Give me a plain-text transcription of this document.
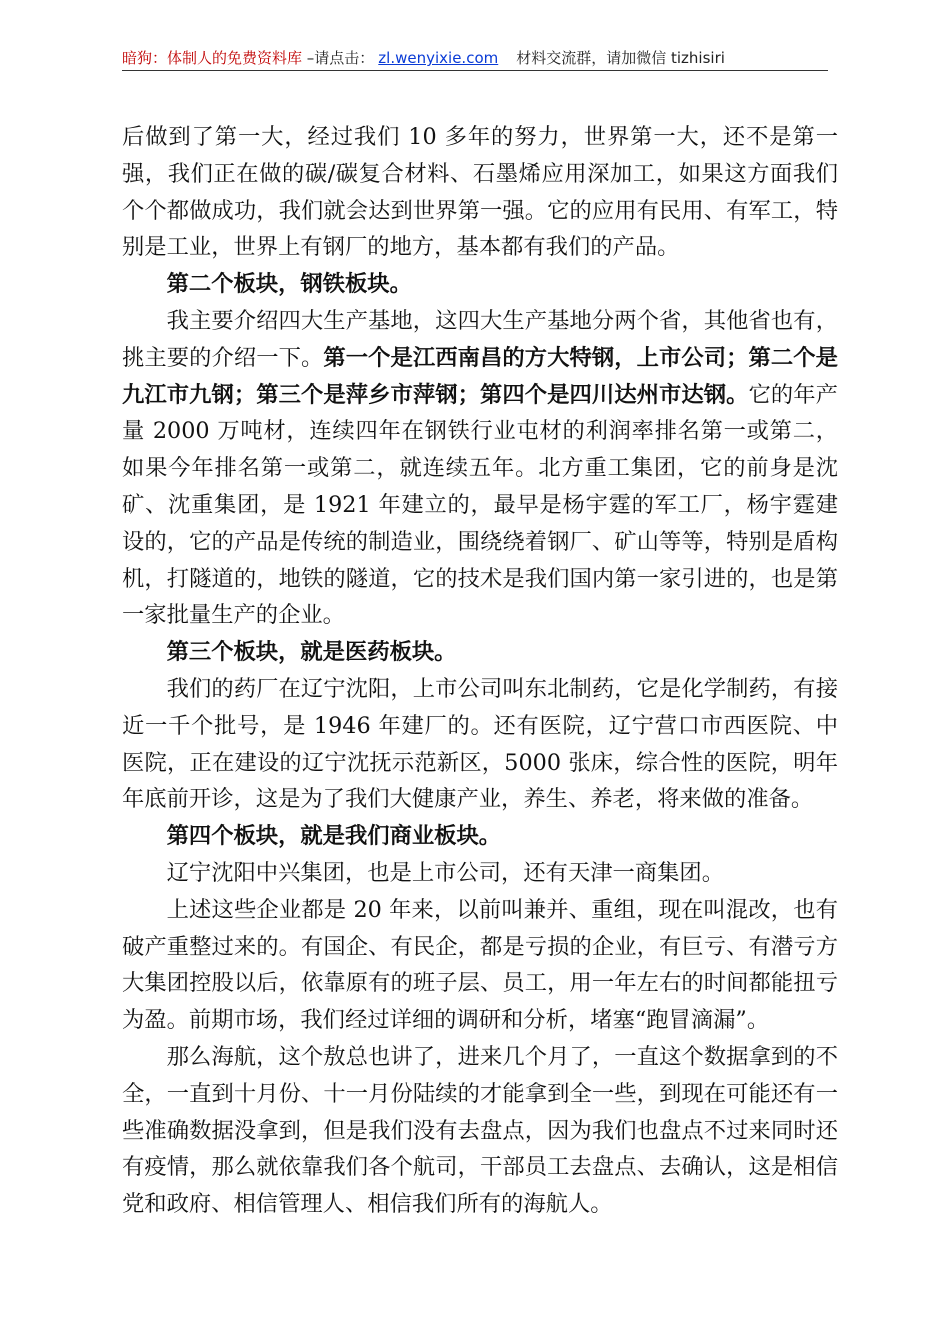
暗狗：体制人的免费资料库 –请点击： zl.wenyixie.com 材料交流群，请加微信 tizhisiri

后做到了第一大，经过我们 10 多年的努力，世界第一大，还不是第一强，我们正在做的碳/碳复合材料、石墨烯应用深加工，如果这方面我们个个都做成功，我们就会达到世界第一强。它的应用有民用、有军工，特别是工业，世界上有钢厂的地方，基本都有我们的产品。

第二个板块，钢铁板块。

我主要介绍四大生产基地，这四大生产基地分两个省，其他省也有，挑主要的介绍一下。第一个是江西南昌的方大特钢，上市公司；第二个是九江市九钢；第三个是萍乡市萍钢；第四个是四川达州市达钢。它的年产量 2000 万吨材，连续四年在钢铁行业屯材的利润率排名第一或第二，如果今年排名第一或第二，就连续五年。北方重工集团，它的前身是沈矿、沈重集团，是 1921 年建立的，最早是杨宇霆的军工厂，杨宇霆建设的，它的产品是传统的制造业，围绕绕着钢厂、矿山等等，特别是盾构机，打隧道的，地铁的隧道，它的技术是我们国内第一家引进的，也是第一家批量生产的企业。

第三个板块，就是医药板块。

我们的药厂在辽宁沈阳，上市公司叫东北制药，它是化学制药，有接近一千个批号，是 1946 年建厂的。还有医院，辽宁营口市西医院、中医院，正在建设的辽宁沈抚示范新区，5000 张床，综合性的医院，明年年底前开诊，这是为了我们大健康产业，养生、养老，将来做的准备。

第四个板块，就是我们商业板块。

辽宁沈阳中兴集团，也是上市公司，还有天津一商集团。

上述这些企业都是 20 年来，以前叫兼并、重组，现在叫混改，也有破产重整过来的。有国企、有民企，都是亏损的企业，有巨亏、有潜亏方大集团控股以后，依靠原有的班子层、员工，用一年左右的时间都能扭亏为盈。前期市场，我们经过详细的调研和分析，堵塞“跑冒滴漏”。

那么海航，这个敖总也讲了，进来几个月了，一直这个数据拿到的不全，一直到十月份、十一月份陆续的才能拿到全一些，到现在可能还有一些准确数据没拿到，但是我们没有去盘点，因为我们也盘点不过来同时还有疫情，那么就依靠我们各个航司，干部员工去盘点、去确认，这是相信党和政府、相信管理人、相信我们所有的海航人。
